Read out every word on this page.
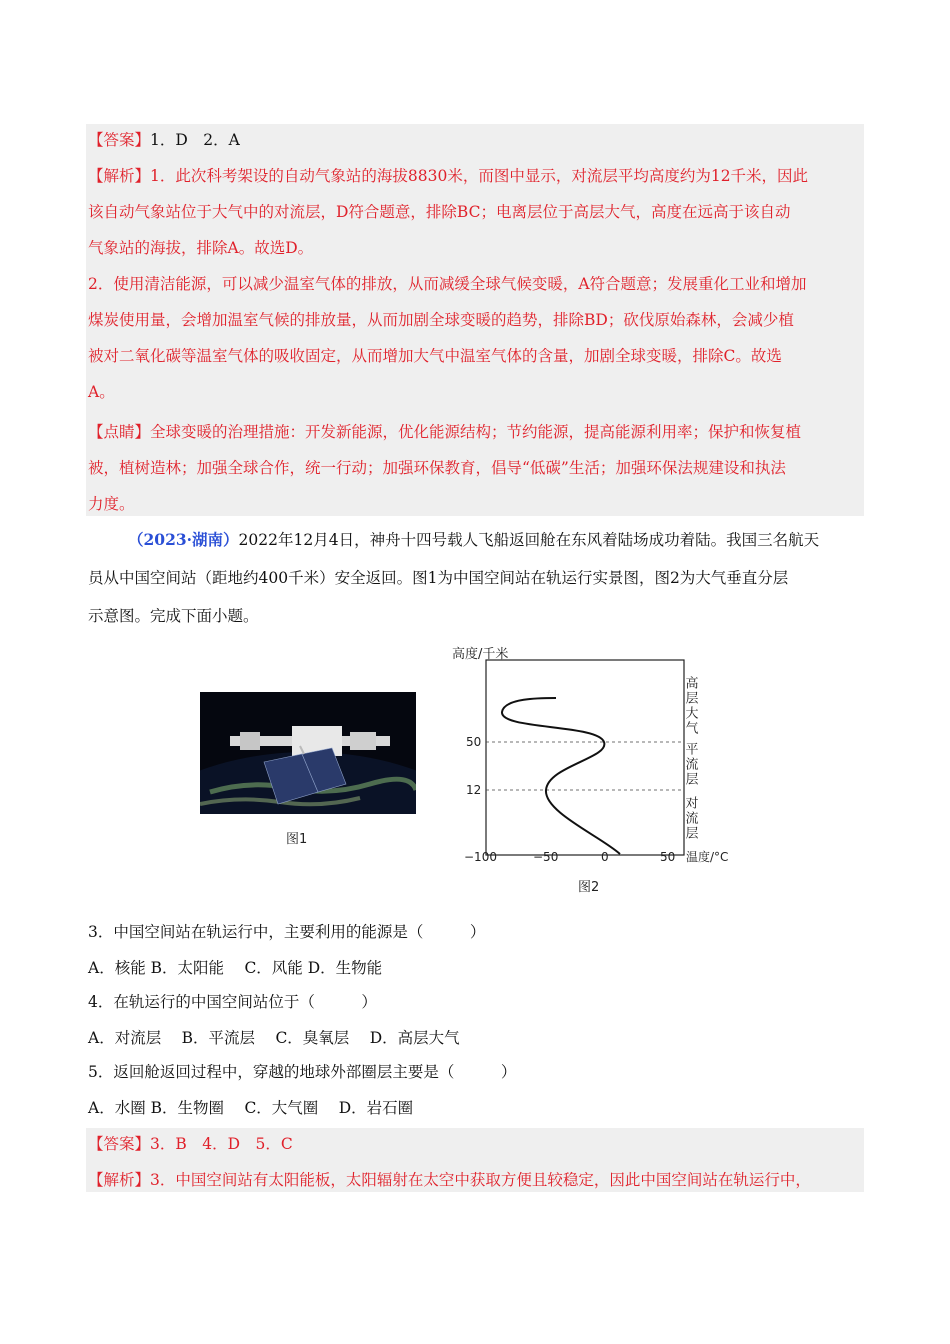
【答案】1．D　2．A
【解析】1．此次科考架设的自动气象站的海拔8830米，而图中显示，对流层平均高度约为12千米，因此
该自动气象站位于大气中的对流层，D符合题意，排除BC；电离层位于高层大气，高度在远高于该自动
气象站的海拔，排除A。故选D。
2．使用清洁能源，可以减少温室气体的排放，从而减缓全球气候变暖，A符合题意；发展重化工业和增加
煤炭使用量，会增加温室气候的排放量，从而加剧全球变暖的趋势，排除BD；砍伐原始森林，会减少植
被对二氧化碳等温室气体的吸收固定，从而增加大气中温室气体的含量，加剧全球变暖，排除C。故选
A。
【点睛】全球变暖的治理措施：开发新能源，优化能源结构；节约能源，提高能源利用率；保护和恢复植
被，植树造林；加强全球合作，统一行动；加强环保教育，倡导“低碳”生活；加强环保法规建设和执法
力度。
（2023·湖南）2022年12月4日，神舟十四号载人飞船返回舱在东风着陆场成功着陆。我国三名航天
员从中国空间站（距地约400千米）安全返回。图1为中国空间站在轨运行实景图，图2为大气垂直分层
示意图。完成下面小题。
图1
高度/千米
50
12
−100	−50	0	50 温度/°C
高层大气
平流层
对流层
图2
3．中国空间站在轨运行中，主要利用的能源是（　　　）
A．核能 B．太阳能　 C．风能 D．生物能
4．在轨运行的中国空间站位于（　　　）
A．对流层　 B．平流层　 C．臭氧层　 D．高层大气
5．返回舱返回过程中，穿越的地球外部圈层主要是（　　　）
A．水圈 B．生物圈　 C．大气圈　 D．岩石圈
【答案】3．B　4．D　5．C
【解析】3．中国空间站有太阳能板，太阳辐射在太空中获取方便且较稳定，因此中国空间站在轨运行中，
